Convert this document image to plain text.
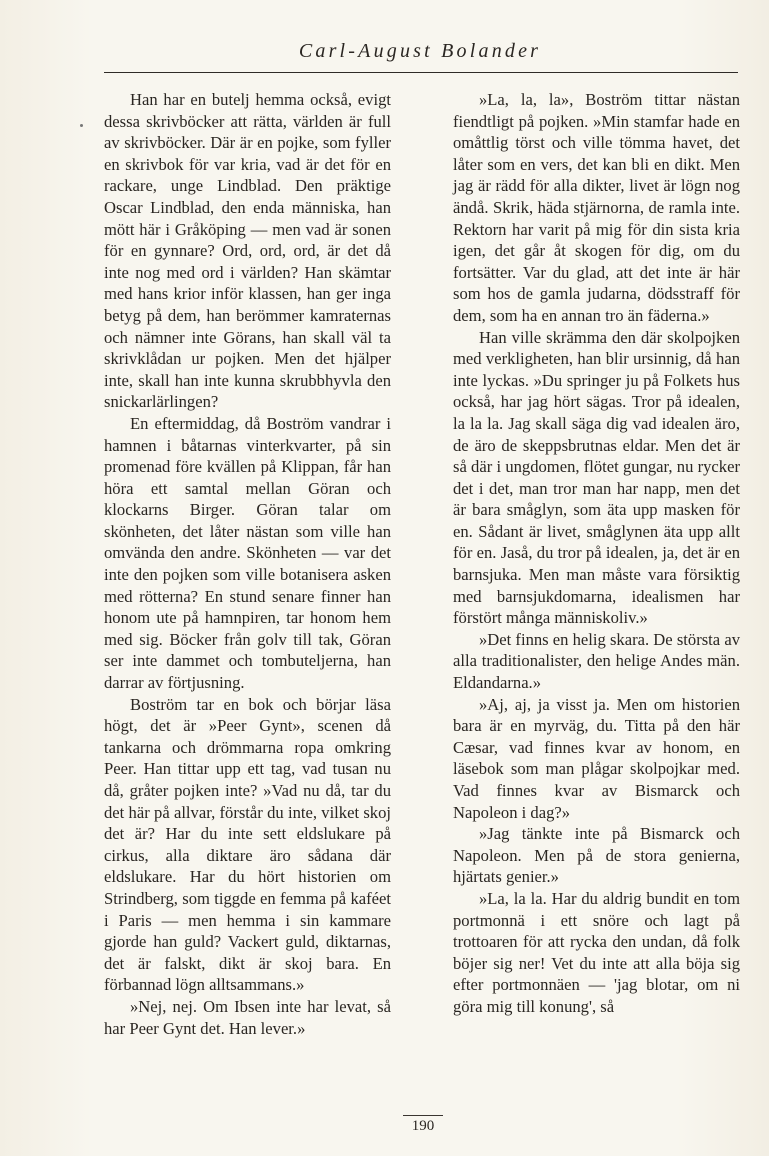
Carl-August Bolander

Han har en butelj hemma också, evigt dessa skrivböcker att rätta, världen är full av skrivböcker. Där är en pojke, som fyller en skrivbok för var kria, vad är det för en rackare, unge Lindblad. Den präktige Oscar Lindblad, den enda människa, han mött här i Gråköping — men vad är sonen för en gynnare? Ord, ord, ord, är det då inte nog med ord i världen? Han skämtar med hans krior inför klassen, han ger inga betyg på dem, han berömmer kamraternas och nämner inte Görans, han skall väl ta skrivklådan ur pojken. Men det hjälper inte, skall han inte kunna skrubbhyvla den snickarlärlingen?

En eftermiddag, då Boström vandrar i hamnen i båtarnas vinterkvarter, på sin promenad före kvällen på Klippan, får han höra ett samtal mellan Göran och klockarns Birger. Göran talar om skönheten, det låter nästan som ville han omvända den andre. Skönheten — var det inte den pojken som ville botanisera asken med rötterna? En stund senare finner han honom ute på hamnpiren, tar honom hem med sig. Böcker från golv till tak, Göran ser inte dammet och tombuteljerna, han darrar av förtjusning.

Boström tar en bok och börjar läsa högt, det är »Peer Gynt», scenen då tankarna och drömmarna ropa omkring Peer. Han tittar upp ett tag, vad tusan nu då, gråter pojken inte? »Vad nu då, tar du det här på allvar, förstår du inte, vilket skoj det är? Har du inte sett eldslukare på cirkus, alla diktare äro sådana där eldslukare. Har du hört historien om Strindberg, som tiggde en femma på kaféet i Paris — men hemma i sin kammare gjorde han guld? Vackert guld, diktarnas, det är falskt, dikt är skoj bara. En förbannad lögn alltsammans.»

»Nej, nej. Om Ibsen inte har levat, så har Peer Gynt det. Han lever.»

»La, la, la», Boström tittar nästan fiendtligt på pojken. »Min stamfar hade en omåttlig törst och ville tömma havet, det låter som en vers, det kan bli en dikt. Men jag är rädd för alla dikter, livet är lögn nog ändå. Skrik, häda stjärnorna, de ramla inte. Rektorn har varit på mig för din sista kria igen, det går åt skogen för dig, om du fortsätter. Var du glad, att det inte är här som hos de gamla judarna, dödsstraff för dem, som ha en annan tro än fäderna.»

Han ville skrämma den där skolpojken med verkligheten, han blir ursinnig, då han inte lyckas. »Du springer ju på Folkets hus också, har jag hört sägas. Tror på idealen, la la la. Jag skall säga dig vad idealen äro, de äro de skeppsbrutnas eldar. Men det är så där i ungdomen, flötet gungar, nu rycker det i det, man tror man har napp, men det är bara småglyn, som äta upp masken för en. Sådant är livet, småglynen äta upp allt för en. Jaså, du tror på idealen, ja, det är en barnsjuka. Men man måste vara försiktig med barnsjukdomarna, idealismen har förstört många människoliv.»

»Det finns en helig skara. De största av alla traditionalister, den helige Andes män. Eldandarna.»

»Aj, aj, ja visst ja. Men om historien bara är en myrväg, du. Titta på den här Cæsar, vad finnes kvar av honom, en läsebok som man plågar skolpojkar med. Vad finnes kvar av Bismarck och Napoleon i dag?»

»Jag tänkte inte på Bismarck och Napoleon. Men på de stora genierna, hjärtats genier.»

»La, la la. Har du aldrig bundit en tom portmonnä i ett snöre och lagt på trottoaren för att rycka den undan, då folk böjer sig ner! Vet du inte att alla böja sig efter portmonnäen — 'jag blotar, om ni göra mig till konung', så

190
